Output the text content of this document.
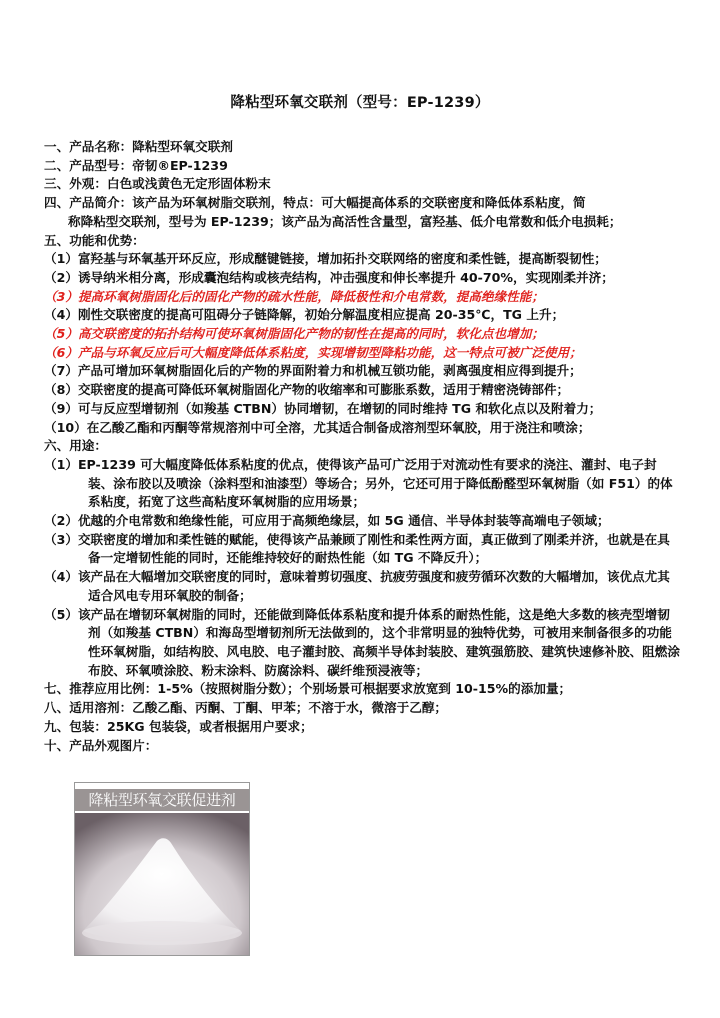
降粘型环氧交联剂（型号：EP-1239）
一、产品名称：降粘型环氧交联剂
二、产品型号：帝韧®EP-1239
三、外观：白色或浅黄色无定形固体粉末
四、产品简介：该产品为环氧树脂交联剂，特点：可大幅提高体系的交联密度和降低体系粘度，简
称降粘型交联剂，型号为 EP-1239；该产品为高活性含量型，富羟基、低介电常数和低介电损耗；
五、功能和优势：
（1）富羟基与环氧基开环反应，形成醚键链接，增加拓扑交联网络的密度和柔性链，提高断裂韧性；
（2）诱导纳米相分离，形成囊泡结构或核壳结构，冲击强度和伸长率提升 40-70%，实现刚柔并济；
（3）提高环氧树脂固化后的固化产物的疏水性能，降低极性和介电常数，提高绝缘性能；
（4）刚性交联密度的提高可阻碍分子链降解，初始分解温度相应提高 20-35℃，TG 上升；
（5）高交联密度的拓扑结构可使环氧树脂固化产物的韧性在提高的同时，软化点也增加；
（6）产品与环氧反应后可大幅度降低体系粘度，实现增韧型降粘功能，这一特点可被广泛使用；
（7）产品可增加环氧树脂固化后的产物的界面附着力和机械互锁功能，剥离强度相应得到提升；
（8）交联密度的提高可降低环氧树脂固化产物的收缩率和可膨胀系数，适用于精密浇铸部件；
（9）可与反应型增韧剂（如羧基 CTBN）协同增韧，在增韧的同时维持 TG 和软化点以及附着力；
（10）在乙酸乙酯和丙酮等常规溶剂中可全溶，尤其适合制备成溶剂型环氧胶，用于浇注和喷涂；
六、用途：
（1）EP-1239 可大幅度降低体系粘度的优点，使得该产品可广泛用于对流动性有要求的浇注、灌封、电子封装、涂布胶以及喷涂（涂料型和油漆型）等场合；另外，它还可用于降低酚醛型环氧树脂（如 F51）的体系粘度，拓宽了这些高粘度环氧树脂的应用场景；
（2）优越的介电常数和绝缘性能，可应用于高频绝缘层，如 5G 通信、半导体封装等高端电子领域；
（3）交联密度的增加和柔性链的赋能，使得该产品兼顾了刚性和柔性两方面，真正做到了刚柔并济，也就是在具备一定增韧性能的同时，还能维持较好的耐热性能（如 TG 不降反升）；
（4）该产品在大幅增加交联密度的同时，意味着剪切强度、抗疲劳强度和疲劳循环次数的大幅增加，该优点尤其适合风电专用环氧胶的制备；
（5）该产品在增韧环氧树脂的同时，还能做到降低体系粘度和提升体系的耐热性能，这是绝大多数的核壳型增韧剂（如羧基 CTBN）和海岛型增韧剂所无法做到的，这个非常明显的独特优势，可被用来制备很多的功能性环氧树脂，如结构胶、风电胶、电子灌封胶、高频半导体封装胶、建筑强筋胶、建筑快速修补胶、阻燃涂布胶、环氧喷涂胶、粉末涂料、防腐涂料、碳纤维预浸液等；
七、推荐应用比例：1-5%（按照树脂分数）；个别场景可根据要求放宽到 10-15%的添加量；
八、适用溶剂：乙酸乙酯、丙酮、丁酮、甲苯；不溶于水，微溶于乙醇；
九、包装：25KG 包装袋，或者根据用户要求；
十、产品外观图片：
降粘型环氧交联促进剂
